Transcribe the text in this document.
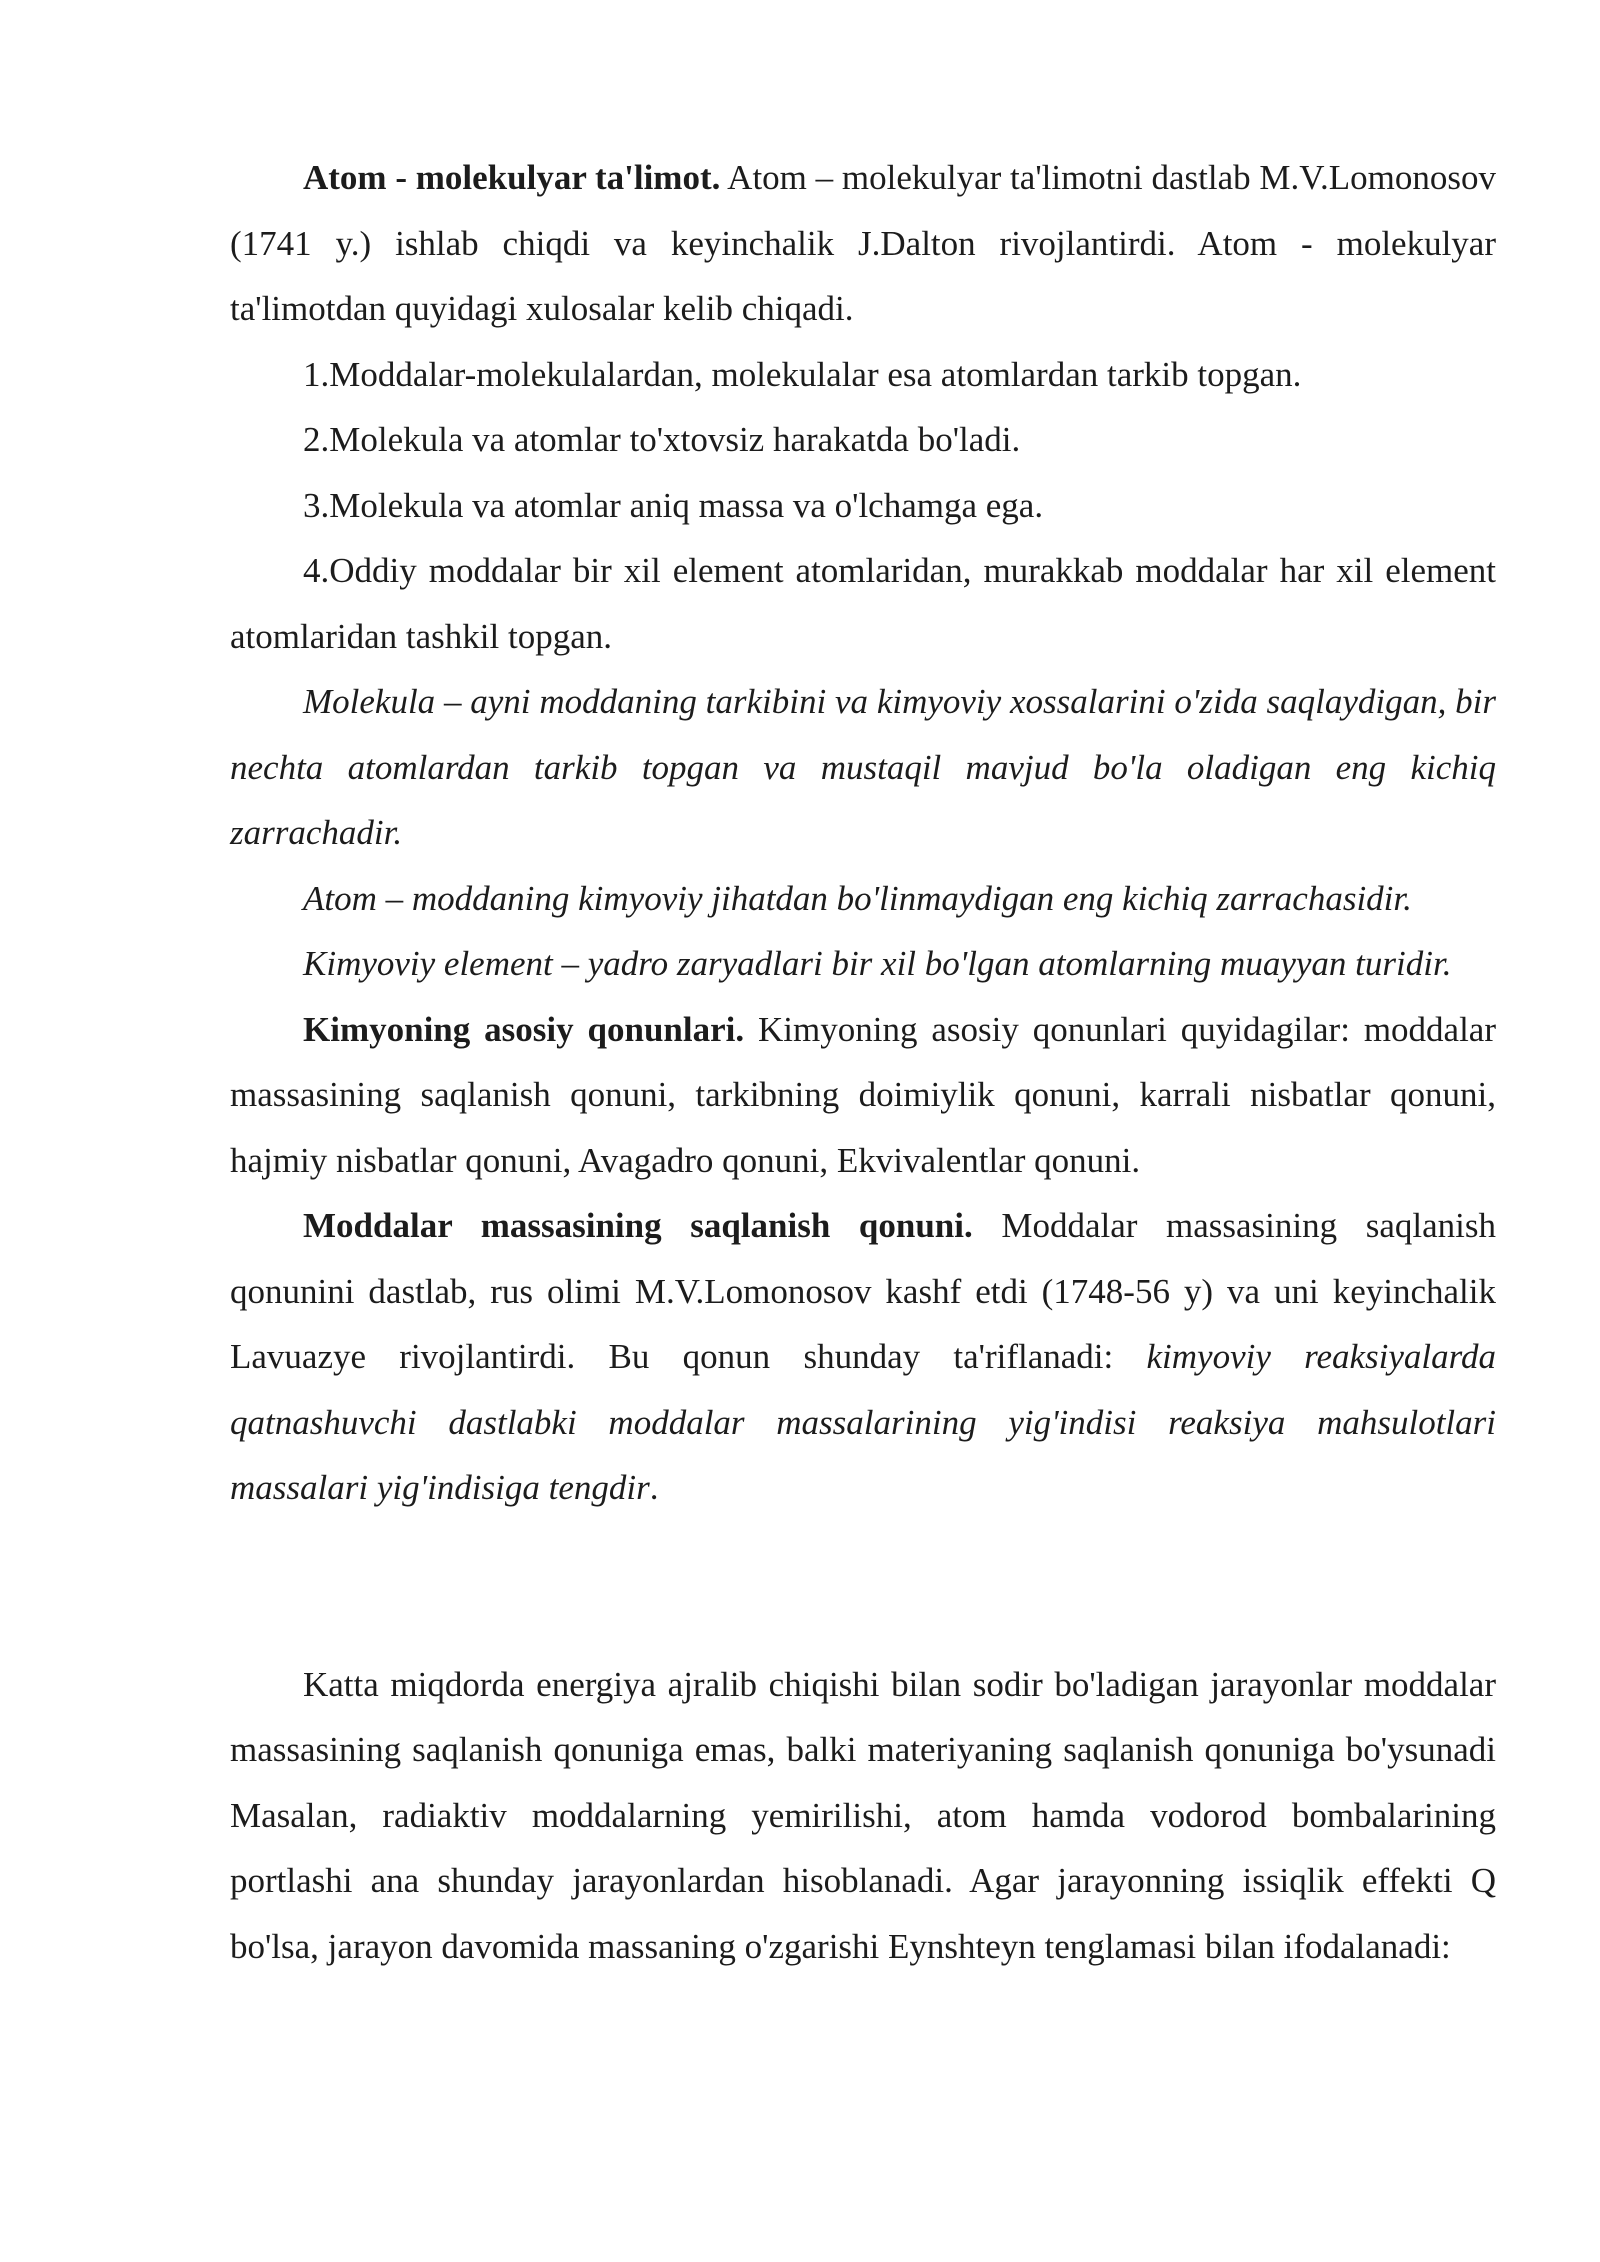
Atom - molekulyar ta'limot. Atom – molekulyar ta'limotni dastlab M.V.Lomonosov (1741 y.) ishlab chiqdi va keyinchalik J.Dalton rivojlantirdi. Atom - molekulyar ta'limotdan quyidagi xulosalar kelib chiqadi.

1.Moddalar-molekulalardan, molekulalar esa atomlardan tarkib topgan.

2.Molekula va atomlar to'xtovsiz harakatda bo'ladi.

3.Molekula va atomlar aniq massa va o'lchamga ega.

4.Oddiy moddalar bir xil element atomlaridan, murakkab moddalar har xil element atomlaridan tashkil topgan.

Molekula – ayni moddaning tarkibini va kimyoviy xossalarini o'zida saqlaydigan, bir nechta atomlardan tarkib topgan va mustaqil mavjud bo'la oladigan eng kichiq zarrachadir.

Atom – moddaning kimyoviy jihatdan bo'linmaydigan eng kichiq zarrachasidir.

Kimyoviy element – yadro zaryadlari bir xil bo'lgan atomlarning muayyan turidir.

Kimyoning asosiy qonunlari. Kimyoning asosiy qonunlari quyidagilar: moddalar massasining saqlanish qonuni, tarkibning doimiylik qonuni, karrali nisbatlar qonuni, hajmiy nisbatlar qonuni, Avagadro qonuni, Ekvivalentlar qonuni.

Moddalar massasining saqlanish qonuni. Moddalar massasining saqlanish qonunini dastlab, rus olimi M.V.Lomonosov kashf etdi (1748-56 y) va uni keyinchalik Lavuazye rivojlantirdi. Bu qonun shunday ta'riflanadi: kimyoviy reaksiyalarda qatnashuvchi dastlabki moddalar massalarining yig'indisi reaksiya mahsulotlari massalari yig'indisiga tengdir.

Katta miqdorda energiya ajralib chiqishi bilan sodir bo'ladigan jarayonlar moddalar massasining saqlanish qonuniga emas, balki materiyaning saqlanish qonuniga bo'ysunadi Masalan, radiaktiv moddalarning yemirilishi, atom hamda vodorod bombalarining portlashi ana shunday jarayonlardan hisoblanadi. Agar jarayonning issiqlik effekti Q bo'lsa, jarayon davomida massaning o'zgarishi Eynshteyn tenglamasi bilan ifodalanadi:
